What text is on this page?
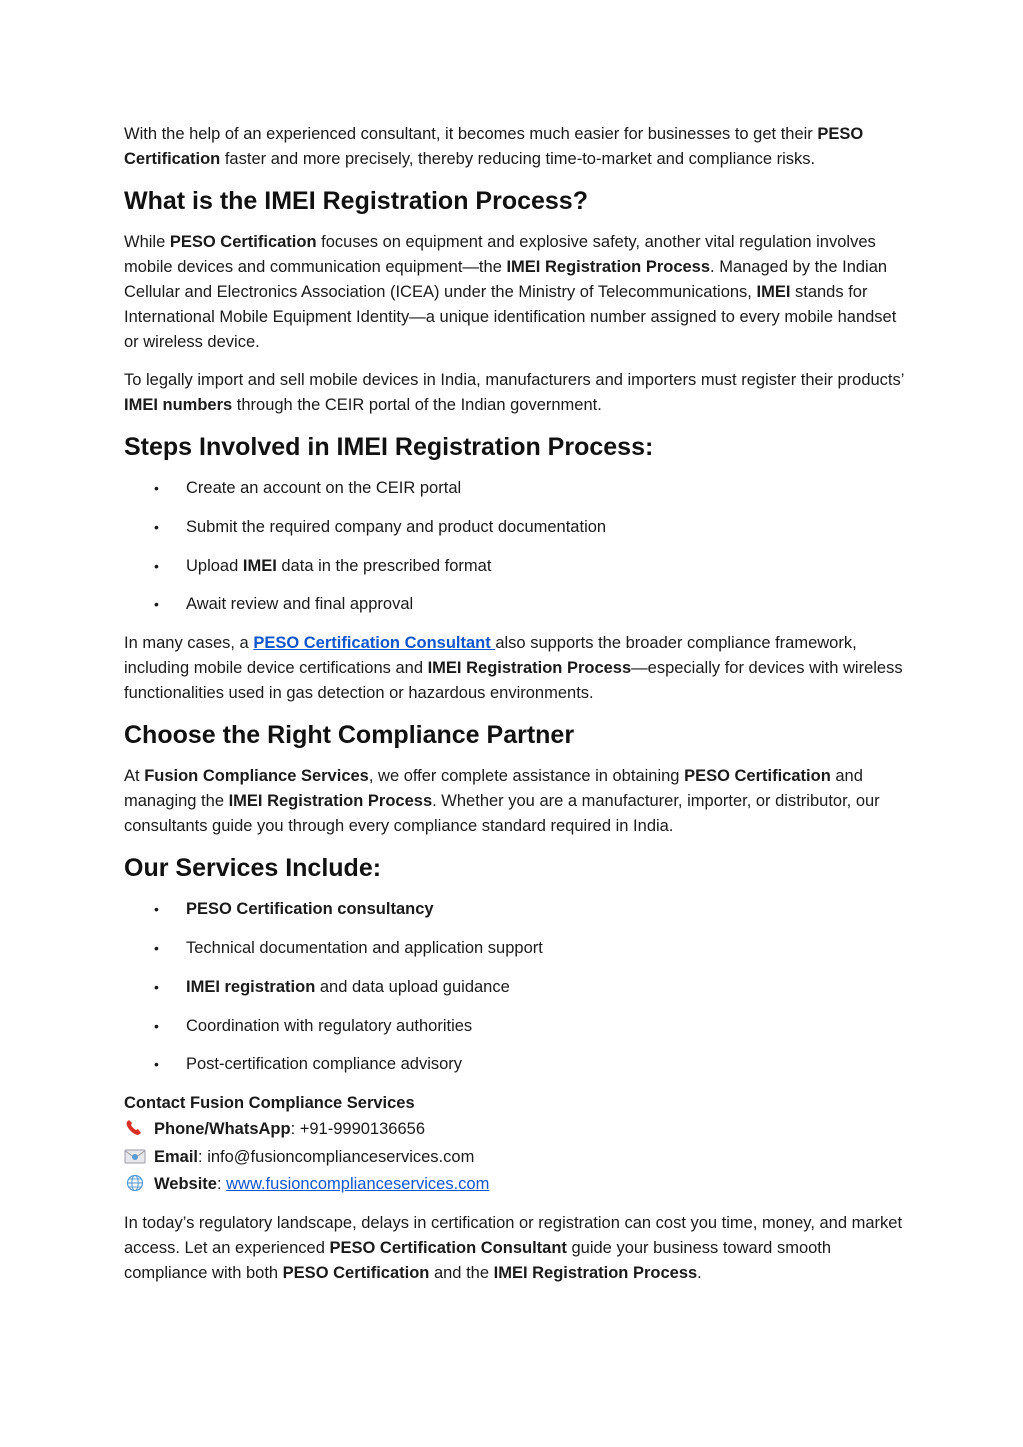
With the help of an experienced consultant, it becomes much easier for businesses to get their PESO Certification faster and more precisely, thereby reducing time-to-market and compliance risks.

What is the IMEI Registration Process?

While PESO Certification focuses on equipment and explosive safety, another vital regulation involves mobile devices and communication equipment—the IMEI Registration Process. Managed by the Indian Cellular and Electronics Association (ICEA) under the Ministry of Telecommunications, IMEI stands for International Mobile Equipment Identity—a unique identification number assigned to every mobile handset or wireless device.

To legally import and sell mobile devices in India, manufacturers and importers must register their products’ IMEI numbers through the CEIR portal of the Indian government.

Steps Involved in IMEI Registration Process:
• Create an account on the CEIR portal
• Submit the required company and product documentation
• Upload IMEI data in the prescribed format
• Await review and final approval

In many cases, a PESO Certification Consultant also supports the broader compliance framework, including mobile device certifications and IMEI Registration Process—especially for devices with wireless functionalities used in gas detection or hazardous environments.

Choose the Right Compliance Partner

At Fusion Compliance Services, we offer complete assistance in obtaining PESO Certification and managing the IMEI Registration Process. Whether you are a manufacturer, importer, or distributor, our consultants guide you through every compliance standard required in India.

Our Services Include:
• PESO Certification consultancy
• Technical documentation and application support
• IMEI registration and data upload guidance
• Coordination with regulatory authorities
• Post-certification compliance advisory

Contact Fusion Compliance Services

Phone/WhatsApp: +91-9990136656

Email: info@fusioncomplianceservices.com

Website: www.fusioncomplianceservices.com

In today’s regulatory landscape, delays in certification or registration can cost you time, money, and market access. Let an experienced PESO Certification Consultant guide your business toward smooth compliance with both PESO Certification and the IMEI Registration Process.
